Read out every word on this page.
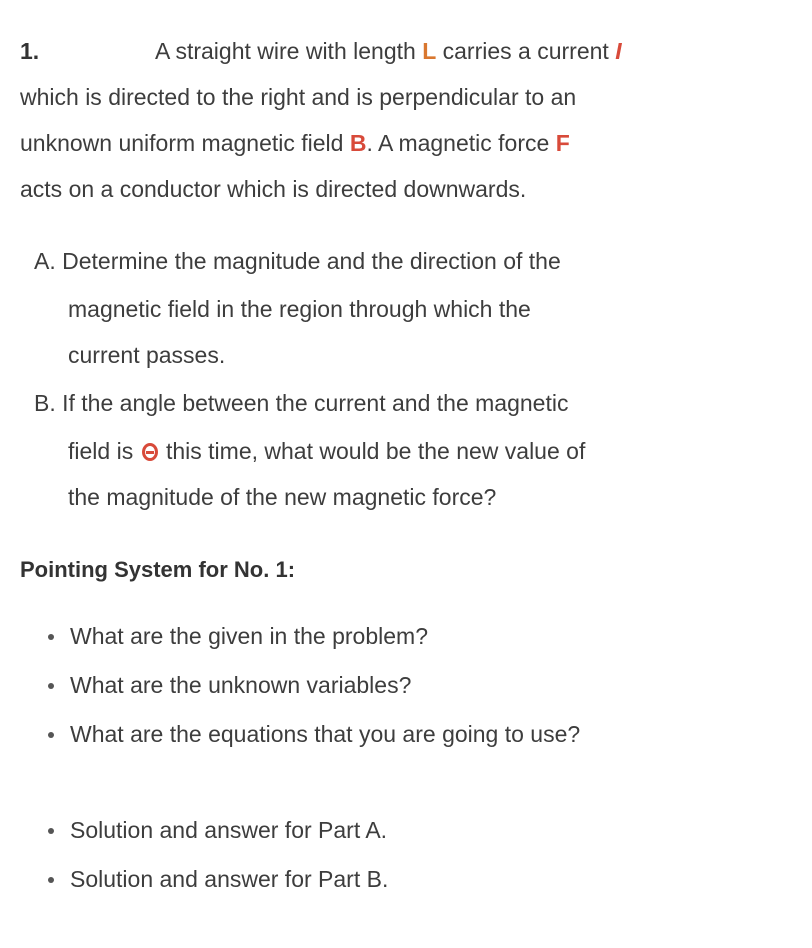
1.	A straight wire with length L carries a current I
which is directed to the right and is perpendicular to an
unknown uniform magnetic field B. A magnetic force F
acts on a conductor which is directed downwards.
A. Determine the magnitude and the direction of the
magnetic field in the region through which the
current passes.
B. If the angle between the current and the magnetic
field is  this time, what would be the new value of
the magnitude of the new magnetic force?
Pointing System for No. 1:
What are the given in the problem?
What are the unknown variables?
What are the equations that you are going to use?
Solution and answer for Part A.
Solution and answer for Part B.
